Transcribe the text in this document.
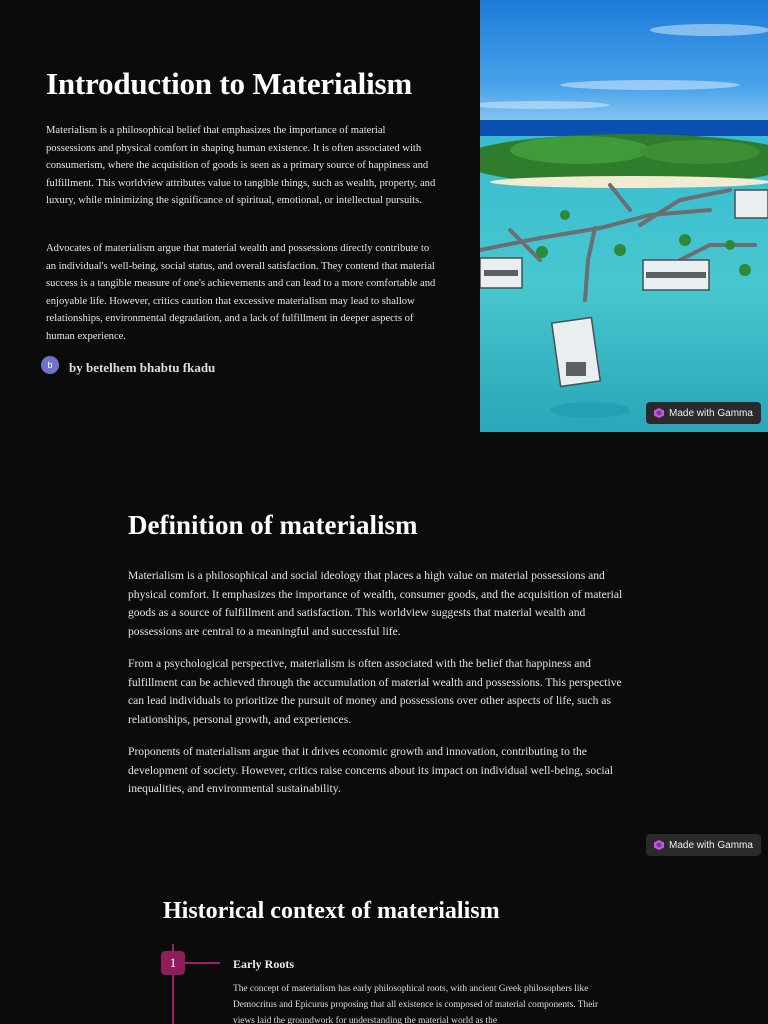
Introduction to Materialism

Materialism is a philosophical belief that emphasizes the importance of material possessions and physical comfort in shaping human existence. It is often associated with consumerism, where the acquisition of goods is seen as a primary source of happiness and fulfillment. This worldview attributes value to tangible things, such as wealth, property, and luxury, while minimizing the significance of spiritual, emotional, or intellectual pursuits.

Advocates of materialism argue that material wealth and possessions directly contribute to an individual's well-being, social status, and overall satisfaction. They contend that material success is a tangible measure of one's achievements and can lead to a more comfortable and enjoyable life. However, critics caution that excessive materialism may lead to shallow relationships, environmental degradation, and a lack of fulfillment in deeper aspects of human experience.

b	by betelhem bhabtu fkadu
Made with Gamma
Definition of materialism

Materialism is a philosophical and social ideology that places a high value on material possessions and physical comfort. It emphasizes the importance of wealth, consumer goods, and the acquisition of material goods as a source of fulfillment and satisfaction. This worldview suggests that material wealth and possessions are central to a meaningful and successful life.

From a psychological perspective, materialism is often associated with the belief that happiness and fulfillment can be achieved through the accumulation of material wealth and possessions. This perspective can lead individuals to prioritize the pursuit of money and possessions over other aspects of life, such as relationships, personal growth, and experiences.

Proponents of materialism argue that it drives economic growth and innovation, contributing to the development of society. However, critics raise concerns about its impact on individual well-being, social inequalities, and environmental sustainability.

Made with Gamma
Historical context of materialism
1	Early Roots

The concept of materialism has early philosophical roots, with ancient Greek philosophers like Democritus and Epicurus proposing that all existence is composed of material components. Their views laid the groundwork for understanding the material world as the
